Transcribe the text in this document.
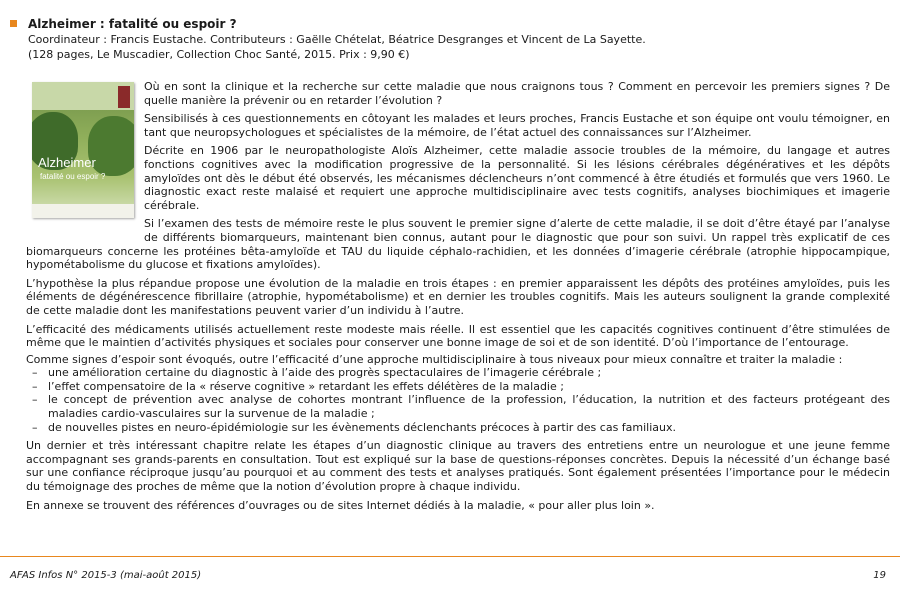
Alzheimer : fatalité ou espoir ?

Coordinateur : Francis Eustache. Contributeurs : Gaëlle Chételat, Béatrice Desgranges et Vincent de La Sayette.

(128 pages, Le Muscadier, Collection Choc Santé, 2015. Prix : 9,90 €)

Alzheimer
fatalité ou espoir ?

Où en sont la clinique et la recherche sur cette maladie que nous craignons tous ? Comment en percevoir les premiers signes ? De quelle manière la prévenir ou en retarder l’évolution ?

Sensibilisés à ces questionnements en côtoyant les malades et leurs proches, Francis Eustache et son équipe ont voulu témoigner, en tant que neuropsychologues et spécialistes de la mémoire, de l’état actuel des connaissances sur l’Alzheimer.

Décrite en 1906 par le neuropathologiste Aloïs Alzheimer, cette maladie associe troubles de la mémoire, du langage et autres fonctions cognitives avec la modification progressive de la personnalité. Si les lésions cérébrales dégénératives et les dépôts amyloïdes ont dès le début été observés, les mécanismes déclencheurs n’ont commencé à être étudiés et formulés que vers 1960. Le diagnostic exact reste malaisé et requiert une approche multidisciplinaire avec tests cognitifs, analyses biochimiques et imagerie cérébrale.

Si l’examen des tests de mémoire reste le plus souvent le premier signe d’alerte de cette maladie, il se doit d’être étayé par l’analyse de différents biomarqueurs, maintenant bien connus, autant pour le diagnostic que pour son suivi. Un rappel très explicatif de ces biomarqueurs concerne les protéines bêta-amyloïde et TAU du liquide céphalo-rachidien, et les données d’imagerie cérébrale (atrophie hippocampique, hypométabolisme du glucose et fixations amyloïdes).

L’hypothèse la plus répandue propose une évolution de la maladie en trois étapes : en premier apparaissent les dépôts des protéines amyloïdes, puis les éléments de dégénérescence fibrillaire (atrophie, hypométabolisme) et en dernier les troubles cognitifs. Mais les auteurs soulignent la grande complexité de cette maladie dont les manifestations peuvent varier d’un individu à l’autre.

L’efficacité des médicaments utilisés actuellement reste modeste mais réelle. Il est essentiel que les capacités cognitives continuent d’être stimulées de même que le maintien d’activités physiques et sociales pour conserver une bonne image de soi et de son identité. D’où l’importance de l’entourage.

Comme signes d’espoir sont évoqués, outre l’efficacité d’une approche multidisciplinaire à tous niveaux pour mieux connaître et traiter la maladie :

– une amélioration certaine du diagnostic à l’aide des progrès spectaculaires de l’imagerie cérébrale ;
– l’effet compensatoire de la « réserve cognitive » retardant les effets délétères de la maladie ;
– le concept de prévention avec analyse de cohortes montrant l’influence de la profession, l’éducation, la nutrition et des facteurs protégeant des maladies cardio-vasculaires sur la survenue de la maladie ;
– de nouvelles pistes en neuro-épidémiologie sur les évènements déclenchants précoces à partir des cas familiaux.

Un dernier et très intéressant chapitre relate les étapes d’un diagnostic clinique au travers des entretiens entre un neurologue et une jeune femme accompagnant ses grands-parents en consultation. Tout est expliqué sur la base de questions-réponses concrètes. Depuis la nécessité d’un échange basé sur une confiance réciproque jusqu’au pourquoi et au comment des tests et analyses pratiqués. Sont également présentées l’importance pour le médecin du témoignage des proches de même que la notion d’évolution propre à chaque individu.

En annexe se trouvent des références d’ouvrages ou de sites Internet dédiés à la maladie, « pour aller plus loin ».

AFAS Infos N° 2015-3 (mai-août 2015)	19
